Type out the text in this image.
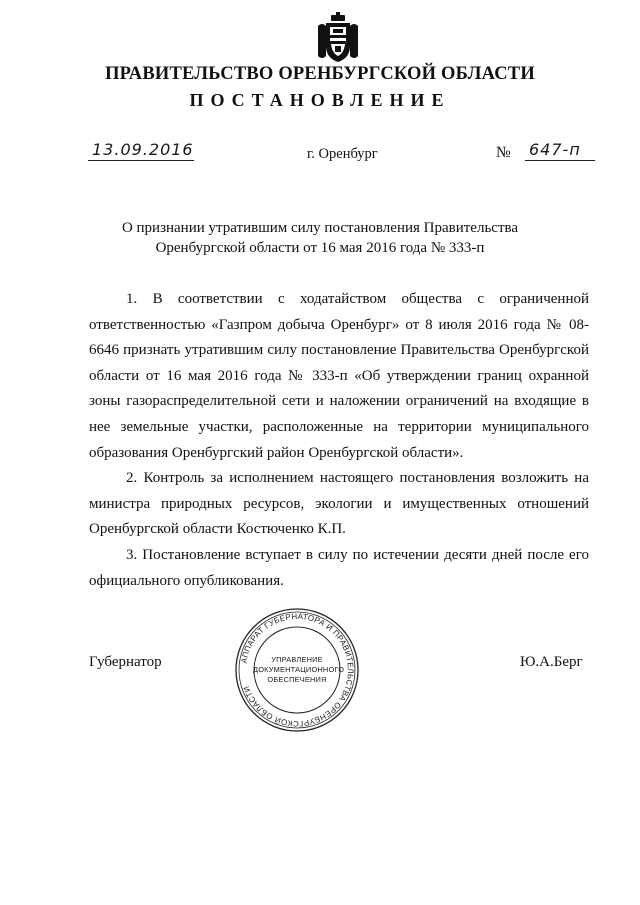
ПРАВИТЕЛЬСТВО ОРЕНБУРГСКОЙ ОБЛАСТИ
ПОСТАНОВЛЕНИЕ
13.09.2016	г. Оренбург	№ 647-п
О признании утратившим силу постановления Правительства Оренбургской области от 16 мая 2016 года № 333-п

1. В соответствии с ходатайством общества с ограниченной ответственностью «Газпром добыча Оренбург» от 8 июля 2016 года № 08-6646 признать утратившим силу постановление Правительства Оренбургской области от 16 мая 2016 года № 333-п «Об утверждении границ охранной зоны газораспределительной сети и наложении ограничений на входящие в нее земельные участки, расположенные на территории муниципального образования Оренбургский район Оренбургской области».

2. Контроль за исполнением настоящего постановления возложить на министра природных ресурсов, экологии и имущественных отношений Оренбургской области Костюченко К.П.

3. Постановление вступает в силу по истечении десяти дней после его официального опубликования.

Губернатор	Ю.А.Берг
АППАРАТ ГУБЕРНАТОРА И ПРАВИТЕЛЬСТВА ОРЕНБУРГСКОЙ ОБЛАСТИ
УПРАВЛЕНИЕ
ДОКУМЕНТАЦИОННОГО
ОБЕСПЕЧЕНИЯ
